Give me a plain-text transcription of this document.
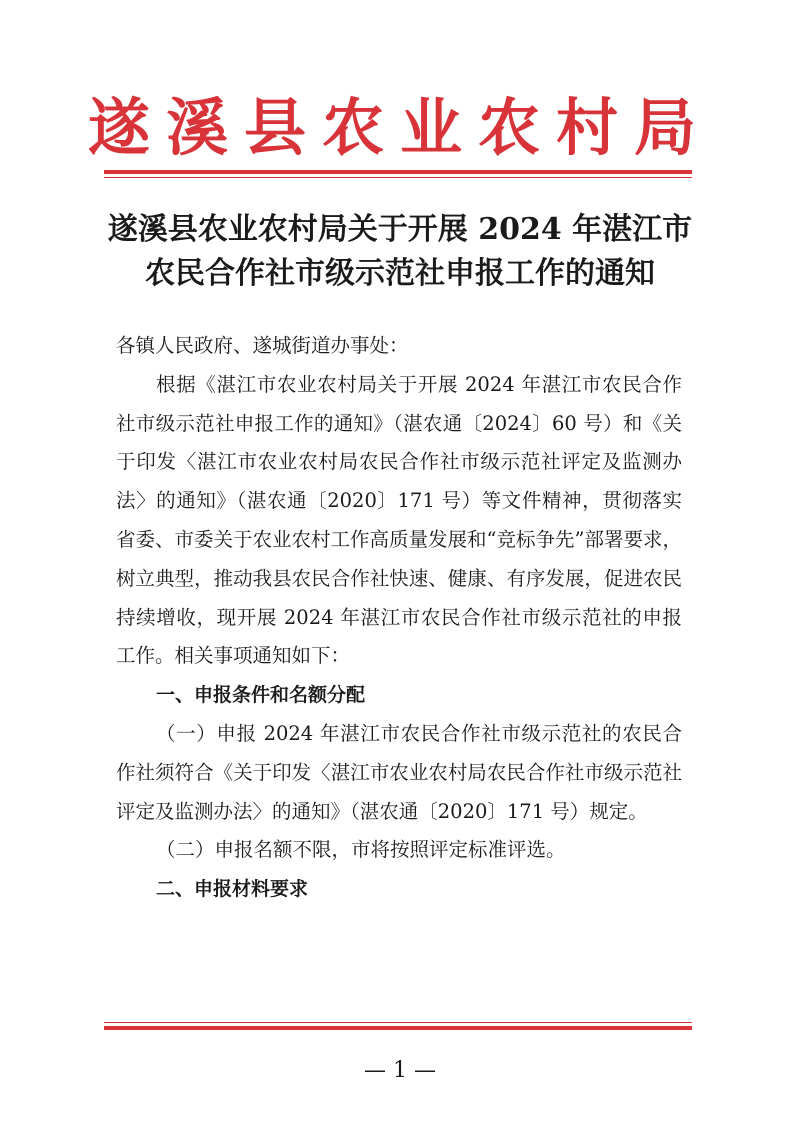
遂溪县农业农村局
遂溪县农业农村局关于开展 2024 年湛江市
农民合作社市级示范社申报工作的通知

各镇人民政府、遂城街道办事处：

根据《湛江市农业农村局关于开展 2024 年湛江市农民合作社市级示范社申报工作的通知》（湛农通〔2024〕60 号）和《关于印发〈湛江市农业农村局农民合作社市级示范社评定及监测办法〉的通知》（湛农通〔2020〕171 号）等文件精神，贯彻落实省委、市委关于农业农村工作高质量发展和“竞标争先”部署要求，树立典型，推动我县农民合作社快速、健康、有序发展，促进农民持续增收，现开展 2024 年湛江市农民合作社市级示范社的申报工作。相关事项通知如下：

一、申报条件和名额分配

（一）申报 2024 年湛江市农民合作社市级示范社的农民合作社须符合《关于印发〈湛江市农业农村局农民合作社市级示范社评定及监测办法〉的通知》（湛农通〔2020〕171 号）规定。

（二）申报名额不限，市将按照评定标准评选。

二、申报材料要求

— 1 —
